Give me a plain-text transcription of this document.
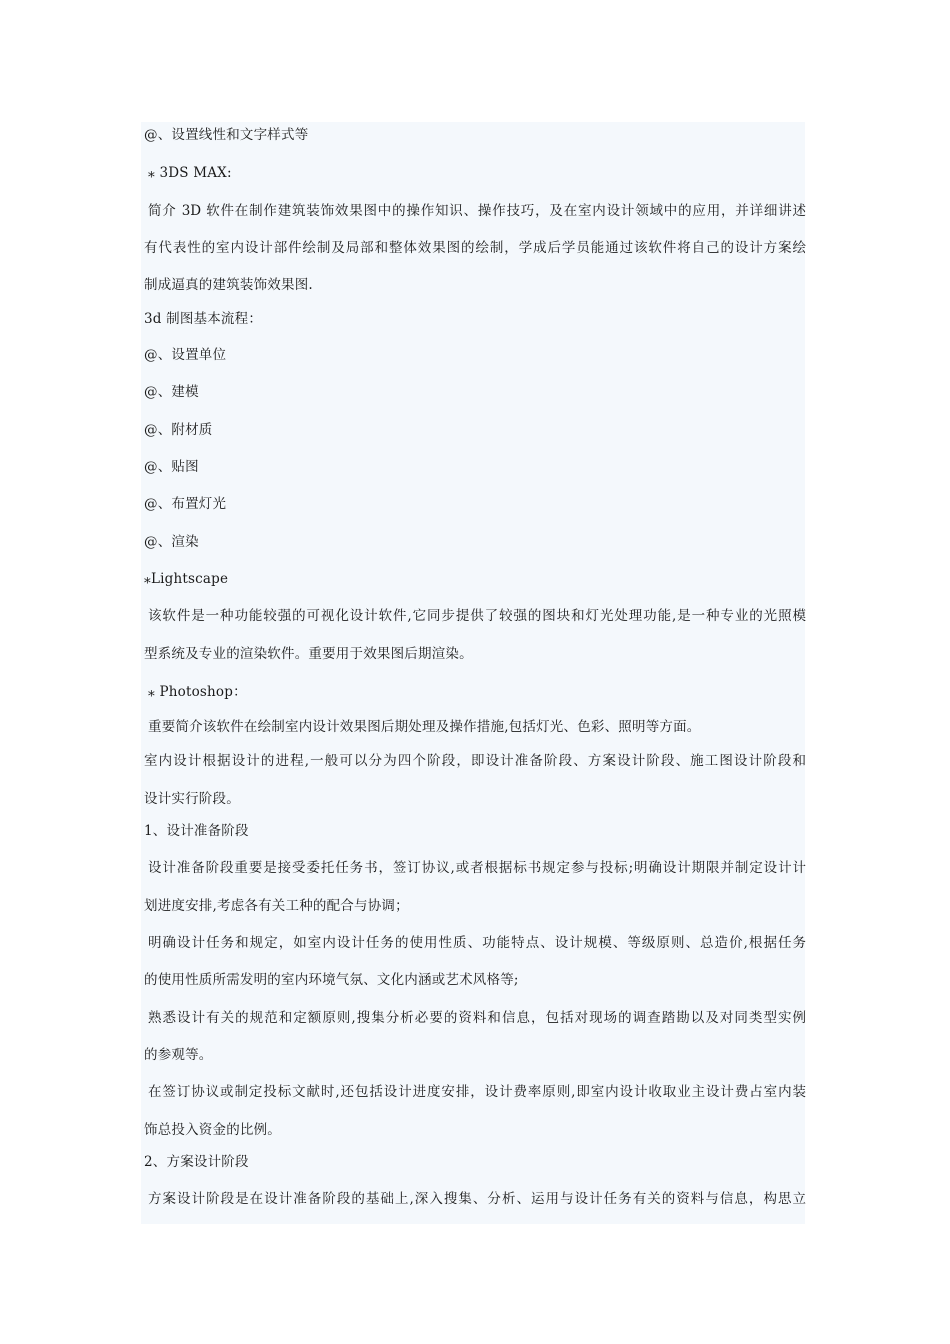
@、设置线性和文字样式等
⁎ 3DS MAX:
简介 3D 软件在制作建筑装饰效果图中的操作知识、操作技巧，及在室内设计领域中的应用，并详细讲述
有代表性的室内设计部件绘制及局部和整体效果图的绘制，学成后学员能通过该软件将自己的设计方案绘
制成逼真的建筑装饰效果图.
3d 制图基本流程：
@、设置单位
@、建模
@、附材质
@、贴图
@、布置灯光
@、渲染
⁎Lightscape
该软件是一种功能较强的可视化设计软件,它同步提供了较强的图块和灯光处理功能,是一种专业的光照模
型系统及专业的渲染软件。重要用于效果图后期渲染。
⁎ Photoshop：
重要简介该软件在绘制室内设计效果图后期处理及操作措施,包括灯光、色彩、照明等方面。
室内设计根据设计的进程,一般可以分为四个阶段，即设计准备阶段、方案设计阶段、施工图设计阶段和
设计实行阶段。
1、设计准备阶段
设计准备阶段重要是接受委托任务书，签订协议,或者根据标书规定参与投标;明确设计期限并制定设计计
划进度安排,考虑各有关工种的配合与协调；
明确设计任务和规定，如室内设计任务的使用性质、功能特点、设计规模、等级原则、总造价,根据任务
的使用性质所需发明的室内环境气氛、文化内涵或艺术风格等;
熟悉设计有关的规范和定额原则,搜集分析必要的资料和信息，包括对现场的调查踏勘以及对同类型实例
的参观等。
在签订协议或制定投标文献时,还包括设计进度安排，设计费率原则,即室内设计收取业主设计费占室内装
饰总投入资金的比例。
2、方案设计阶段
方案设计阶段是在设计准备阶段的基础上,深入搜集、分析、运用与设计任务有关的资料与信息，构思立
